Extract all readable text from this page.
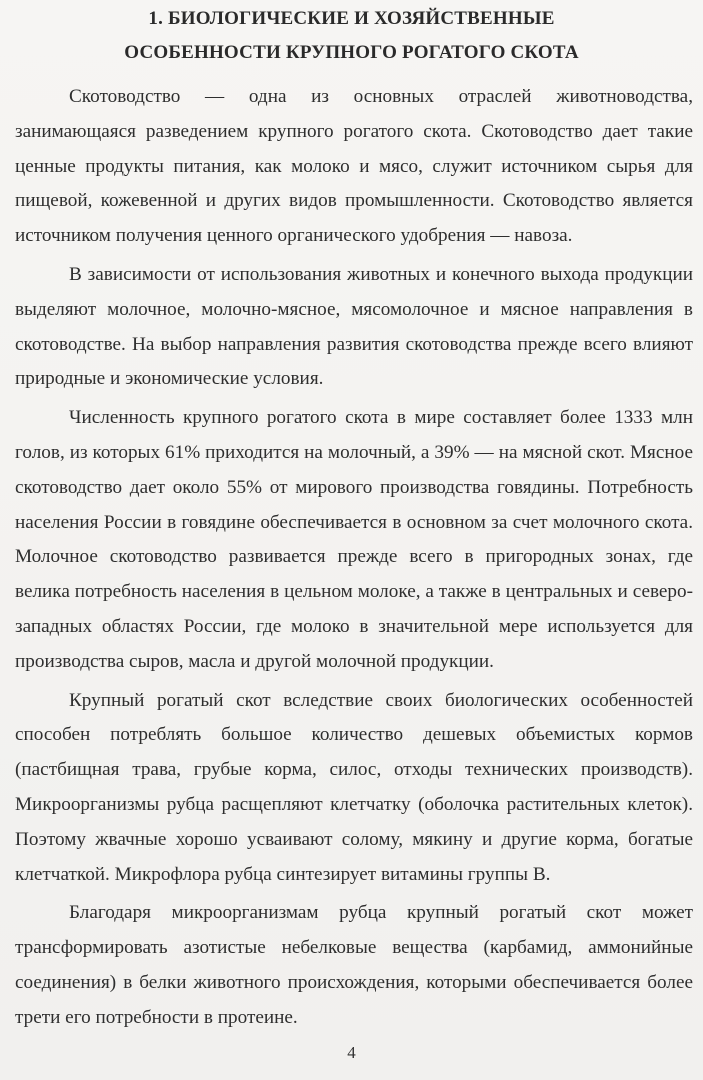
1. БИОЛОГИЧЕСКИЕ И ХОЗЯЙСТВЕННЫЕ
ОСОБЕННОСТИ КРУПНОГО РОГАТОГО СКОТА

Скотоводство — одна из основных отраслей животноводства, занимающаяся разведением крупного рогатого скота. Скотоводство дает такие ценные продукты питания, как молоко и мясо, служит источником сырья для пищевой, кожевенной и других видов промышленности. Скотоводство является источником получения ценного органического удобрения — навоза.

В зависимости от использования животных и конечного выхода продукции выделяют молочное, молочно-мясное, мясомолочное и мясное направления в скотоводстве. На выбор направления развития скотоводства прежде всего влияют природные и экономические условия.

Численность крупного рогатого скота в мире составляет более 1333 млн голов, из которых 61% приходится на молочный, а 39% — на мясной скот. Мясное скотоводство дает около 55% от мирового производства говядины. Потребность населения России в говядине обеспечивается в основном за счет молочного скота. Молочное скотоводство развивается прежде всего в пригородных зонах, где велика потребность населения в цельном молоке, а также в центральных и северо-западных областях России, где молоко в значительной мере используется для производства сыров, масла и другой молочной продукции.

Крупный рогатый скот вследствие своих биологических особенностей способен потреблять большое количество дешевых объемистых кормов (пастбищная трава, грубые корма, силос, отходы технических производств). Микроорганизмы рубца расщепляют клетчатку (оболочка растительных клеток). Поэтому жвачные хорошо усваивают солому, мякину и другие корма, богатые клетчаткой. Микрофлора рубца синтезирует витамины группы В.

Благодаря микроорганизмам рубца крупный рогатый скот может трансформировать азотистые небелковые вещества (карбамид, аммонийные соединения) в белки животного происхождения, которыми обеспечивается более трети его потребности в протеине.

4
